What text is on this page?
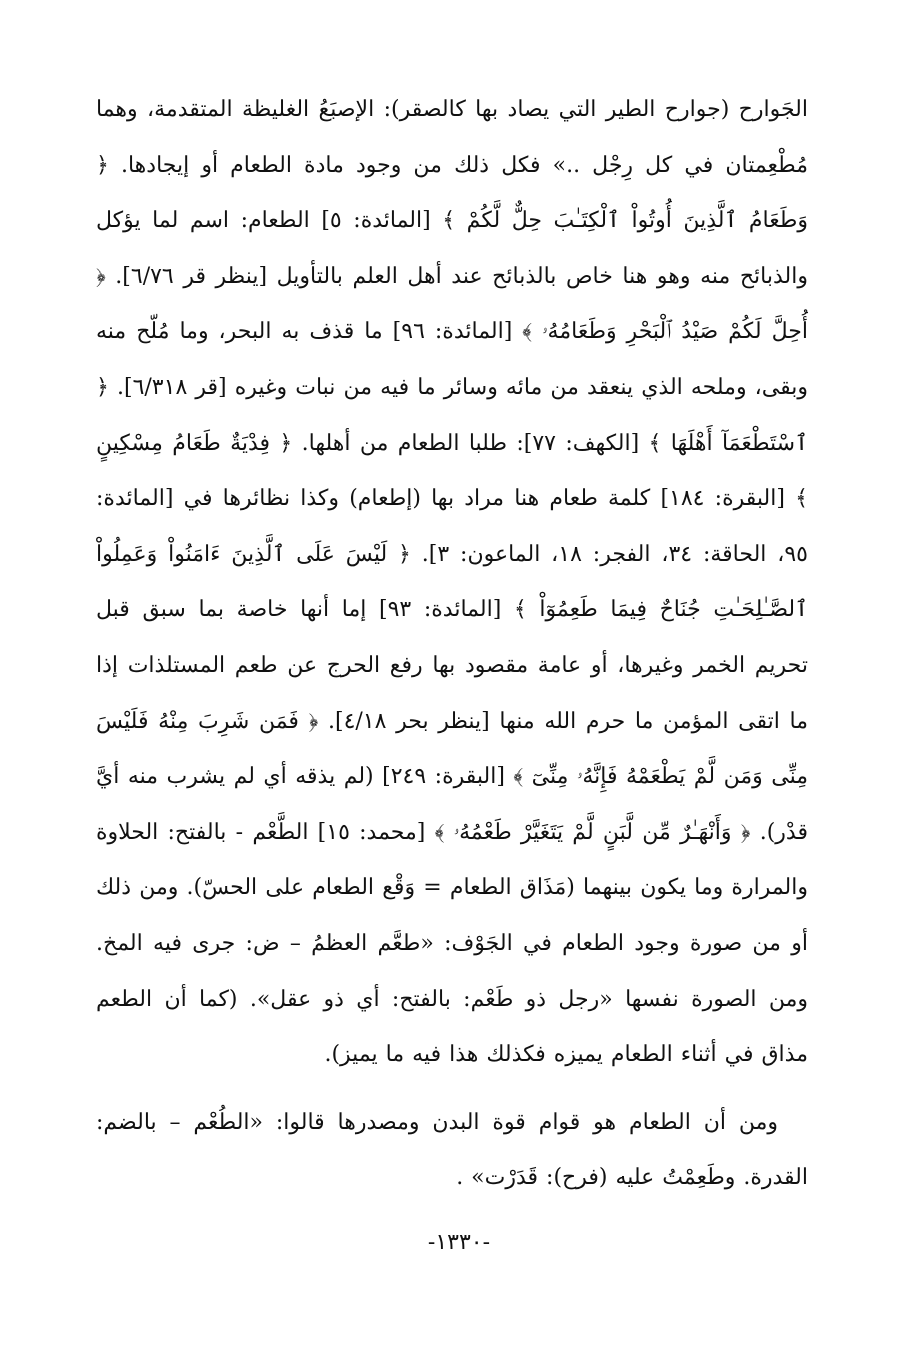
الجَوارح (جوارح الطير التي يصاد بها كالصقر): الإصبَعُ الغليظة المتقدمة، وهما مُطْعِمتان في كل رِجْل ..» فكل ذلك من وجود مادة الطعام أو إيجادها. ﴿ وَطَعَامُ ٱلَّذِينَ أُوتُواْ ٱلْكِتَـٰبَ حِلٌّ لَّكُمْ ﴾ [المائدة: ٥] الطعام: اسم لما يؤكل والذبائح منه وهو هنا خاص بالذبائح عند أهل العلم بالتأويل [ينظر قر ٦/٧٦]. ﴿ أُحِلَّ لَكُمْ صَيْدُ ٱلْبَحْرِ وَطَعَامُهُۥ ﴾ [المائدة: ٩٦] ما قذف به البحر، وما مُلّح منه وبقى، وملحه الذي ينعقد من مائه وسائر ما فيه من نبات وغيره [قر ٦/٣١٨]. ﴿ ٱسْتَطْعَمَآ أَهْلَهَا ﴾ [الكهف: ٧٧]: طلبا الطعام من أهلها. ﴿ فِدْيَةٌ طَعَامُ مِسْكِينٍ ﴾ [البقرة: ١٨٤] كلمة طعام هنا مراد بها (إطعام) وكذا نظائرها في [المائدة: ٩٥، الحاقة: ٣٤، الفجر: ١٨، الماعون: ٣]. ﴿ لَيْسَ عَلَى ٱلَّذِينَ ءَامَنُواْ وَعَمِلُواْ ٱلصَّـٰلِحَـٰتِ جُنَاحٌ فِيمَا طَعِمُوٓاْ ﴾ [المائدة: ٩٣] إما أنها خاصة بما سبق قبل تحريم الخمر وغيرها، أو عامة مقصود بها رفع الحرج عن طعم المستلذات إذا ما اتقى المؤمن ما حرم الله منها [ينظر بحر ٤/١٨]. ﴿ فَمَن شَرِبَ مِنْهُ فَلَيْسَ مِنِّى وَمَن لَّمْ يَطْعَمْهُ فَإِنَّهُۥ مِنِّىٓ ﴾ [البقرة: ٢٤٩] (لم يذقه أي لم يشرب منه أيَّ قدْر). ﴿ وَأَنْهَـٰرٌ مِّن لَّبَنٍ لَّمْ يَتَغَيَّرْ طَعْمُهُۥ ﴾ [محمد: ١٥] الطَّعْم - بالفتح: الحلاوة والمرارة وما يكون بينهما (مَذَاق الطعام = وَقْع الطعام على الحسّ). ومن ذلك أو من صورة وجود الطعام في الجَوْف: «طعَّم العظمُ – ض: جرى فيه المخ. ومن الصورة نفسها «رجل ذو طَعْم: بالفتح: أي ذو عقل». (كما أن الطعم مذاق في أثناء الطعام يميزه فكذلك هذا فيه ما يميز).

ومن أن الطعام هو قوام قوة البدن ومصدرها قالوا: «الطُعْم – بالضم: القدرة. وطَعِمْتُ عليه (فرح): قَدَرْت» .

-١٣٣٠-
